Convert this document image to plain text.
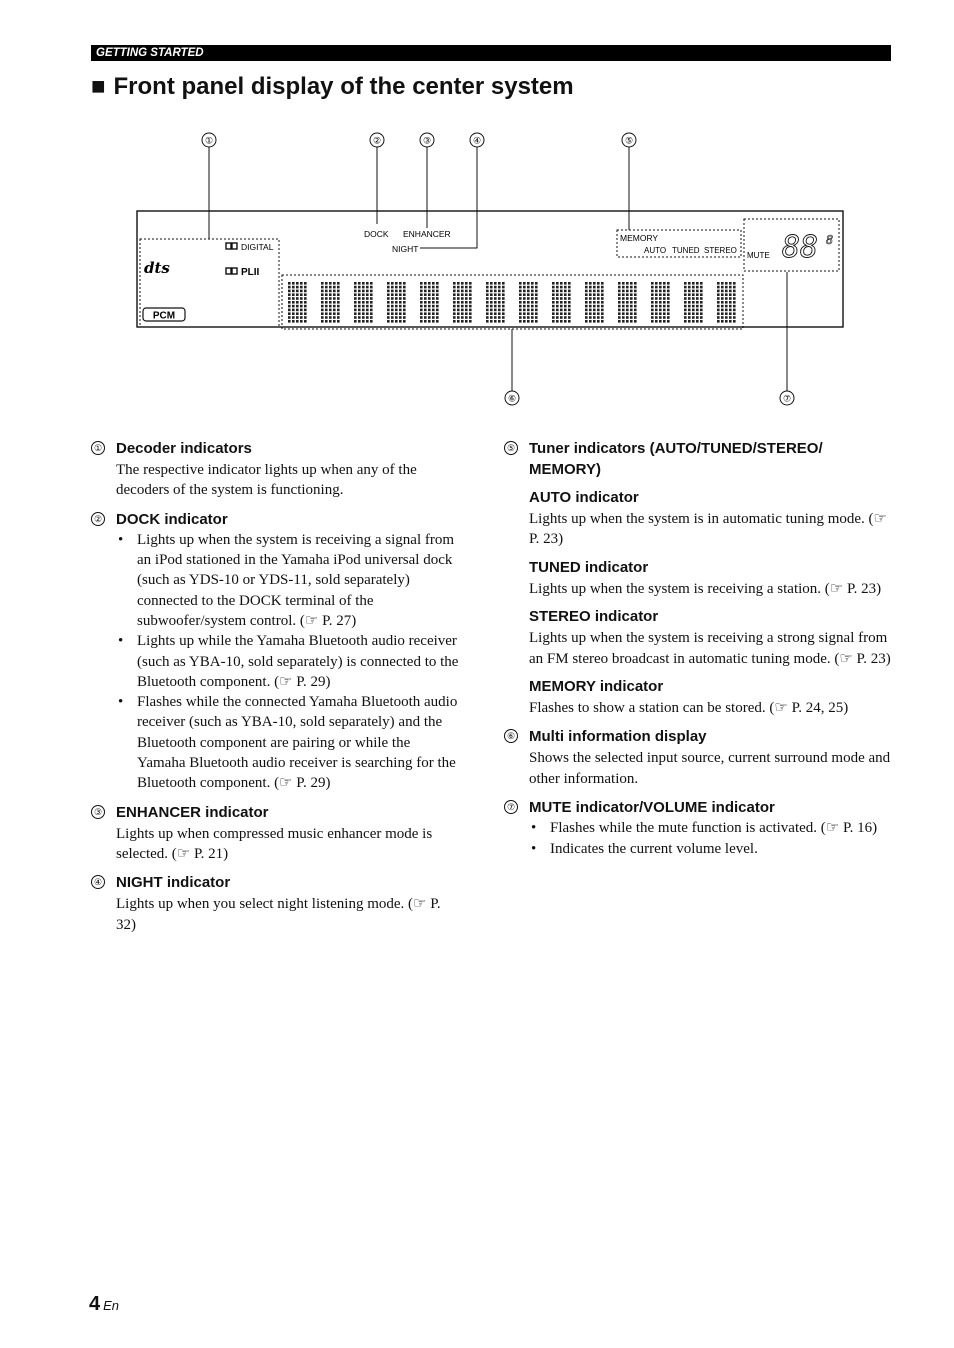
GETTING STARTED
■ Front panel display of the center system
①	②	③	④	⑤
⑥	⑦
DIGITAL
PLII
dts
PCM
DOCK ENHANCER
NIGHT
MEMORY
AUTO TUNED STEREO
MUTE 88 8
① Decoder indicators
The respective indicator lights up when any of the decoders of the system is functioning.
② DOCK indicator
• Lights up when the system is receiving a signal from an iPod stationed in the Yamaha iPod universal dock (such as YDS-10 or YDS-11, sold separately) connected to the DOCK terminal of the subwoofer/system control. (☞ P. 27)
• Lights up while the Yamaha Bluetooth audio receiver (such as YBA-10, sold separately) is connected to the Bluetooth component. (☞ P. 29)
• Flashes while the connected Yamaha Bluetooth audio receiver (such as YBA-10, sold separately) and the Bluetooth component are pairing or while the Yamaha Bluetooth audio receiver is searching for the Bluetooth component. (☞ P. 29)
③ ENHANCER indicator
Lights up when compressed music enhancer mode is selected. (☞ P. 21)
④ NIGHT indicator
Lights up when you select night listening mode. (☞ P. 32)
⑤ Tuner indicators (AUTO/TUNED/STEREO/ MEMORY)
AUTO indicator
Lights up when the system is in automatic tuning mode. (☞ P. 23)
TUNED indicator
Lights up when the system is receiving a station. (☞ P. 23)
STEREO indicator
Lights up when the system is receiving a strong signal from an FM stereo broadcast in automatic tuning mode. (☞ P. 23)
MEMORY indicator
Flashes to show a station can be stored. (☞ P. 24, 25)
⑥ Multi information display
Shows the selected input source, current surround mode and other information.
⑦ MUTE indicator/VOLUME indicator
• Flashes while the mute function is activated. (☞ P. 16)
• Indicates the current volume level.
4 En
